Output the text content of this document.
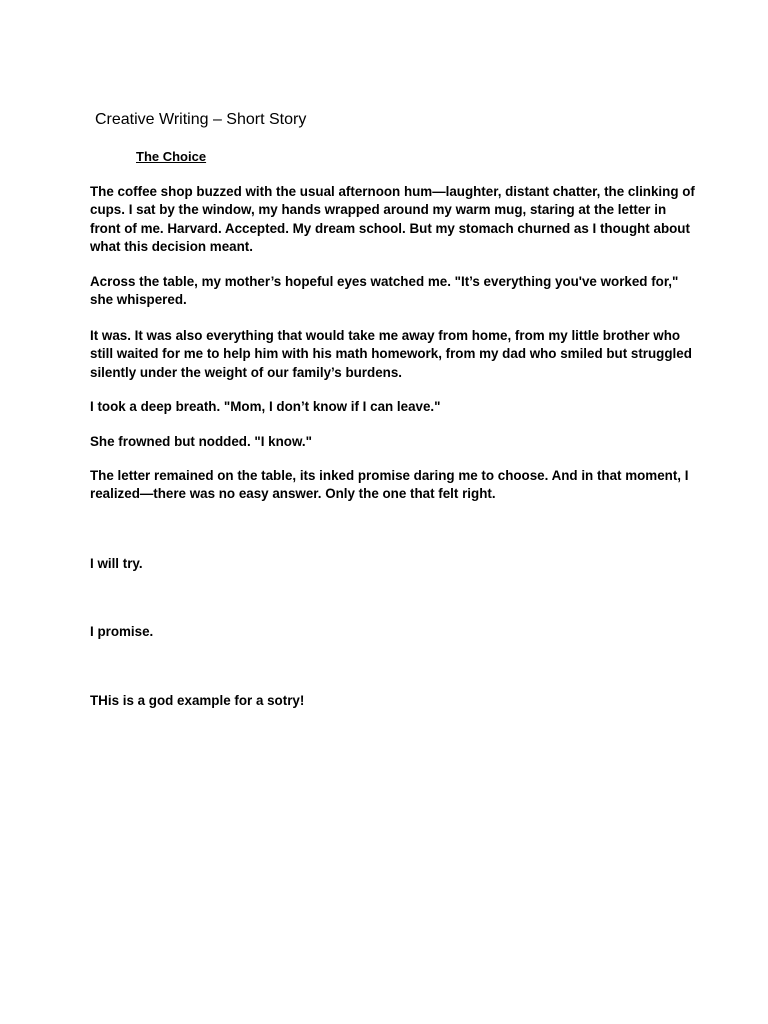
Creative Writing – Short Story
The Choice

The coffee shop buzzed with the usual afternoon hum—laughter, distant chatter, the clinking of cups. I sat by the window, my hands wrapped around my warm mug, staring at the letter in front of me. Harvard. Accepted. My dream school. But my stomach churned as I thought about what this decision meant.

Across the table, my mother’s hopeful eyes watched me. "It’s everything you've worked for," she whispered.

It was. It was also everything that would take me away from home, from my little brother who still waited for me to help him with his math homework, from my dad who smiled but struggled silently under the weight of our family’s burdens.

I took a deep breath. "Mom, I don’t know if I can leave."

She frowned but nodded. "I know."

The letter remained on the table, its inked promise daring me to choose. And in that moment, I realized—there was no easy answer. Only the one that felt right.

I will try.

I promise.

THis is a god example for a sotry!
